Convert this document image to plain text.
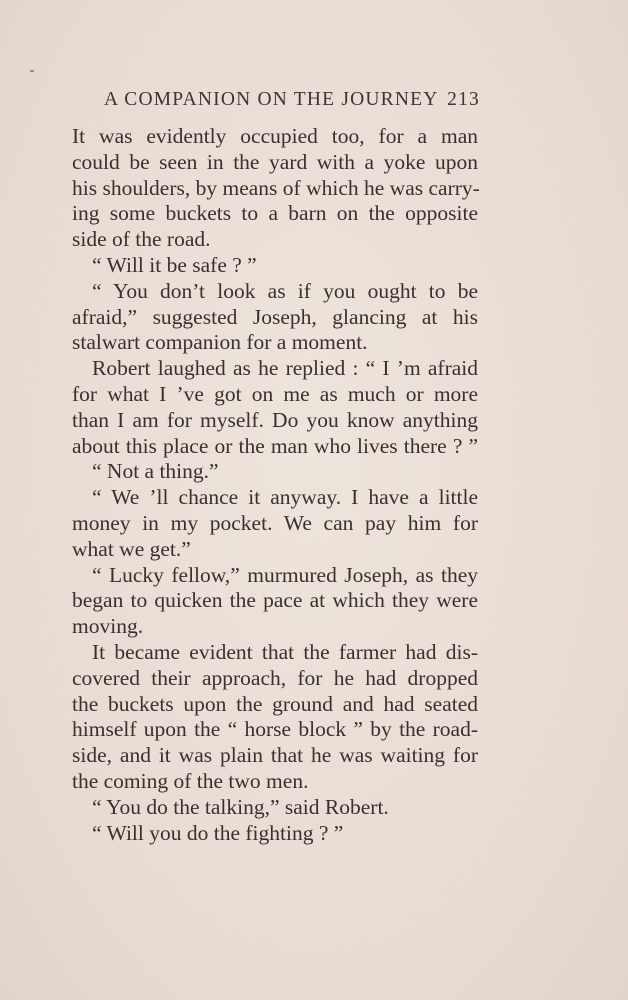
A COMPANION ON THE JOURNEY 213
It was evidently occupied too, for a man
could be seen in the yard with a yoke upon
his shoulders, by means of which he was carry-
ing some buckets to a barn on the opposite
side of the road.
“ Will it be safe ? ”
“ You don’t look as if you ought to be
afraid,” suggested Joseph, glancing at his
stalwart companion for a moment.
Robert laughed as he replied : “ I ’m afraid
for what I ’ve got on me as much or more
than I am for myself. Do you know anything
about this place or the man who lives there ? ”
“ Not a thing.”
“ We ’ll chance it anyway. I have a little
money in my pocket. We can pay him for
what we get.”
“ Lucky fellow,” murmured Joseph, as they
began to quicken the pace at which they were
moving.
It became evident that the farmer had dis-
covered their approach, for he had dropped
the buckets upon the ground and had seated
himself upon the “ horse block ” by the road-
side, and it was plain that he was waiting for
the coming of the two men.
“ You do the talking,” said Robert.
“ Will you do the fighting ? ”
